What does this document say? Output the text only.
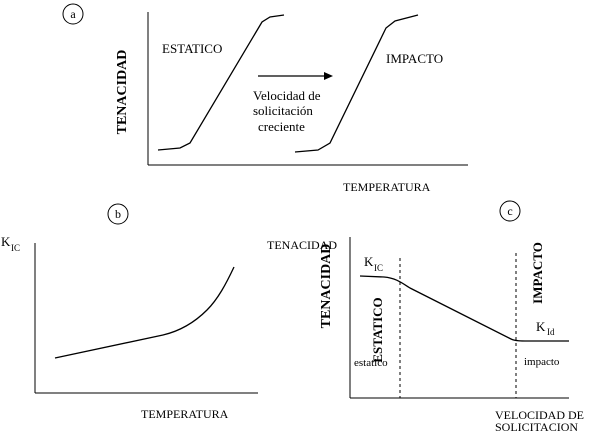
a
TENACIDAD
ESTATICO
IMPACTO
Velocidad de
solicitación
creciente
TEMPERATURA
b
K IC
TEMPERATURA
c
TENACIDAD
TENACIDAD K IC
K Id
ESTATICO
estatico
IMPACTO
impacto
VELOCIDAD DE
SOLICITACION
